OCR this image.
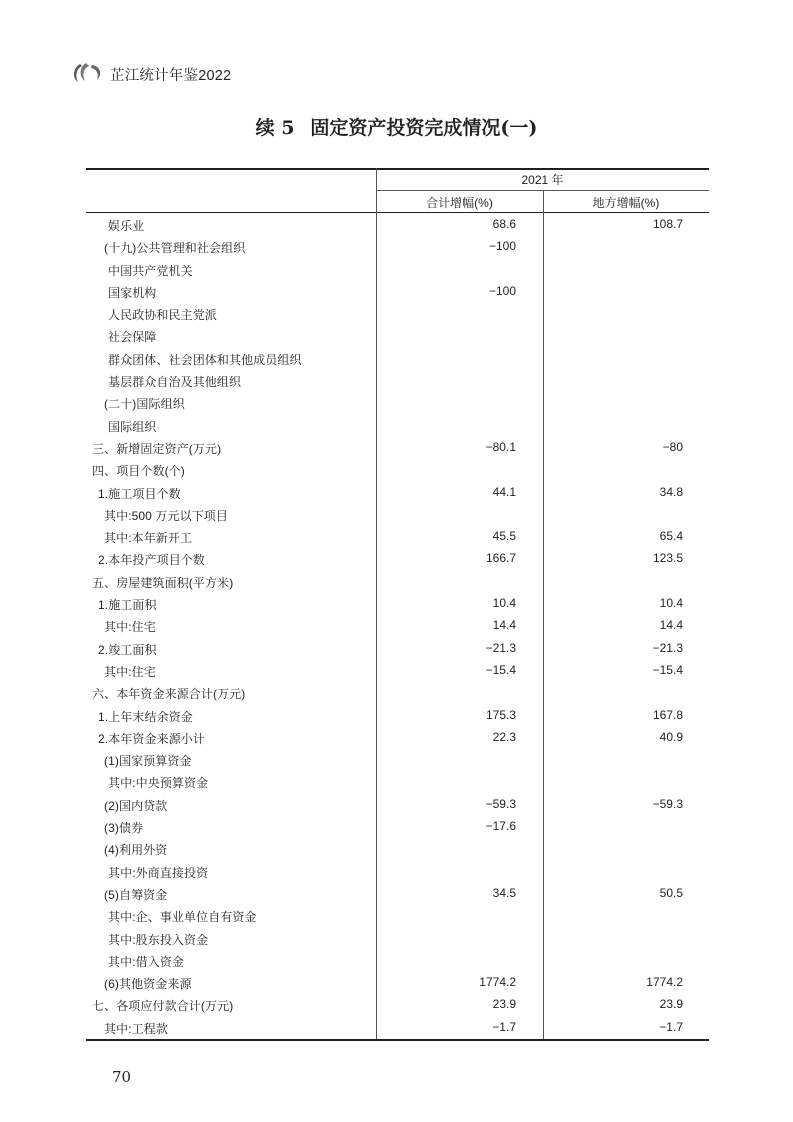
芷江统计年鉴2022
续 5 固定资产投资完成情况(一)
2021 年
合计增幅(%)	地方增幅(%)
娱乐业	68.6	108.7
(十九)公共管理和社会组织	−100
中国共产党机关
国家机构	−100
人民政协和民主党派
社会保障
群众团体、社会团体和其他成员组织
基层群众自治及其他组织
(二十)国际组织
国际组织
三、新增固定资产(万元)	−80.1	−80
四、项目个数(个)
1.施工项目个数	44.1	34.8
其中:500 万元以下项目
其中:本年新开工	45.5	65.4
2.本年投产项目个数	166.7	123.5
五、房屋建筑面积(平方米)
1.施工面积	10.4	10.4
其中:住宅	14.4	14.4
2.竣工面积	−21.3	−21.3
其中:住宅	−15.4	−15.4
六、本年资金来源合计(万元)
1.上年末结余资金	175.3	167.8
2.本年资金来源小计	22.3	40.9
(1)国家预算资金
其中:中央预算资金
(2)国内贷款	−59.3	−59.3
(3)债券	−17.6
(4)利用外资
其中:外商直接投资
(5)自筹资金	34.5	50.5
其中:企、事业单位自有资金
其中:股东投入资金
其中:借入资金
(6)其他资金来源	1774.2	1774.2
七、各项应付款合计(万元)	23.9	23.9
其中:工程款	−1.7	−1.7
70
